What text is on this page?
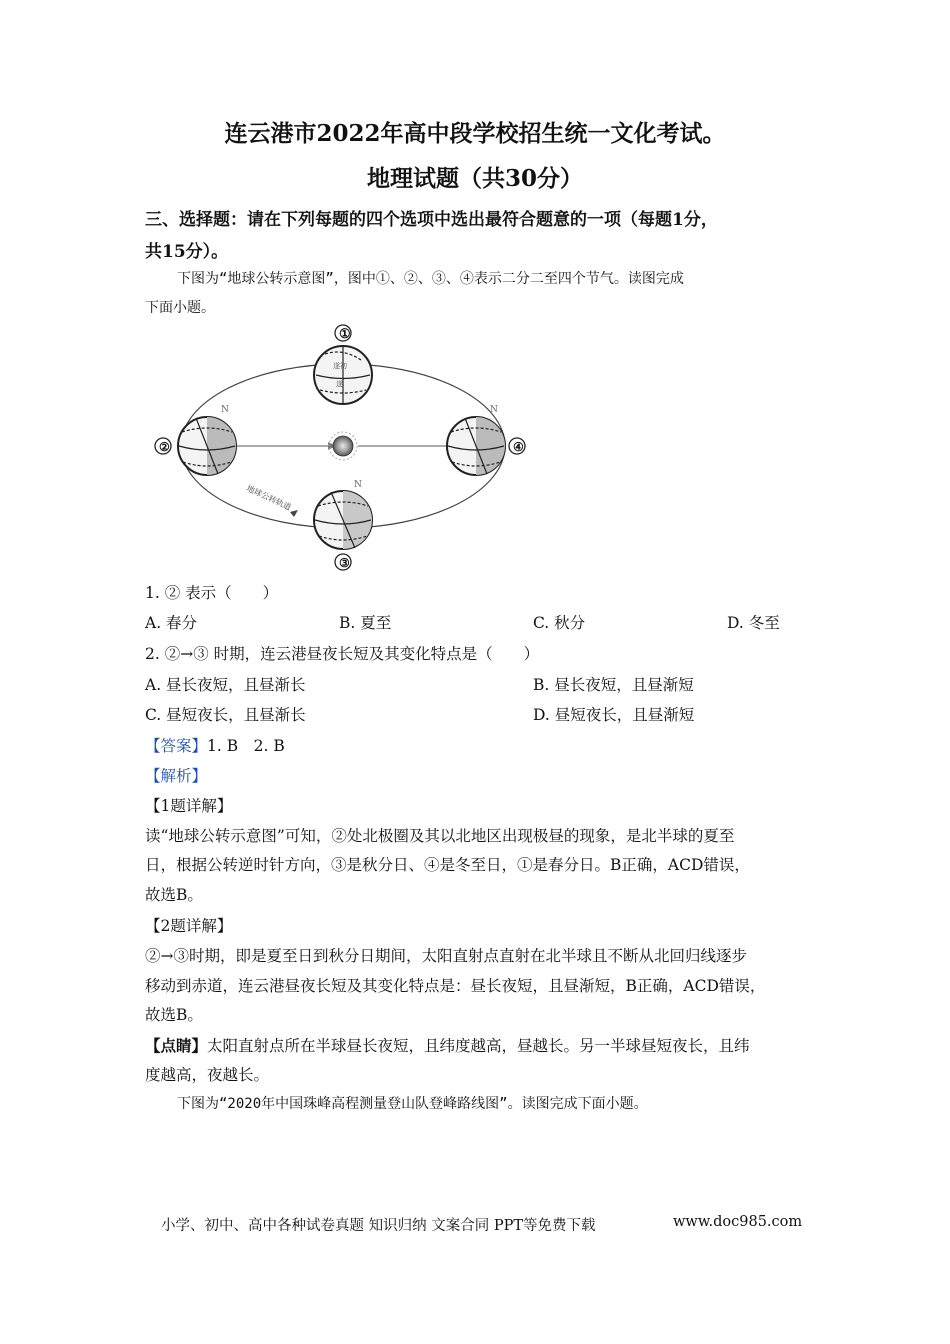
连云港市2022年高中段学校招生统一文化考试。
地理试题（共30分）
三、选择题：请在下列每题的四个选项中选出最符合题意的一项（每题1分，
共15分）。
下图为“地球公转示意图”，图中①、②、③、④表示二分二至四个节气。读图完成
下面小题。
遂初
遂
①
N
②
N
③
N
④
地球公转轨道
1. ② 表示（　　）
A. 春分	B. 夏至	C. 秋分	D. 冬至
2. ②→③ 时期，连云港昼夜长短及其变化特点是（　　）
A. 昼长夜短，且昼渐长	B. 昼长夜短，且昼渐短
C. 昼短夜长，且昼渐长	D. 昼短夜长，且昼渐短
【答案】1. B　2. B
【解析】
【1题详解】
读“地球公转示意图”可知，②处北极圈及其以北地区出现极昼的现象，是北半球的夏至
日，根据公转逆时针方向，③是秋分日、④是冬至日，①是春分日。B正确，ACD错误，
故选B。
【2题详解】
②→③时期，即是夏至日到秋分日期间，太阳直射点直射在北半球且不断从北回归线逐步
移动到赤道，连云港昼夜长短及其变化特点是：昼长夜短，且昼渐短，B正确，ACD错误，
故选B。
【点睛】太阳直射点所在半球昼长夜短，且纬度越高，昼越长。另一半球昼短夜长，且纬
度越高，夜越长。
下图为“2020年中国珠峰高程测量登山队登峰路线图”。读图完成下面小题。
小学、初中、高中各种试卷真题 知识归纳 文案合同 PPT等免费下载	www.doc985.com
